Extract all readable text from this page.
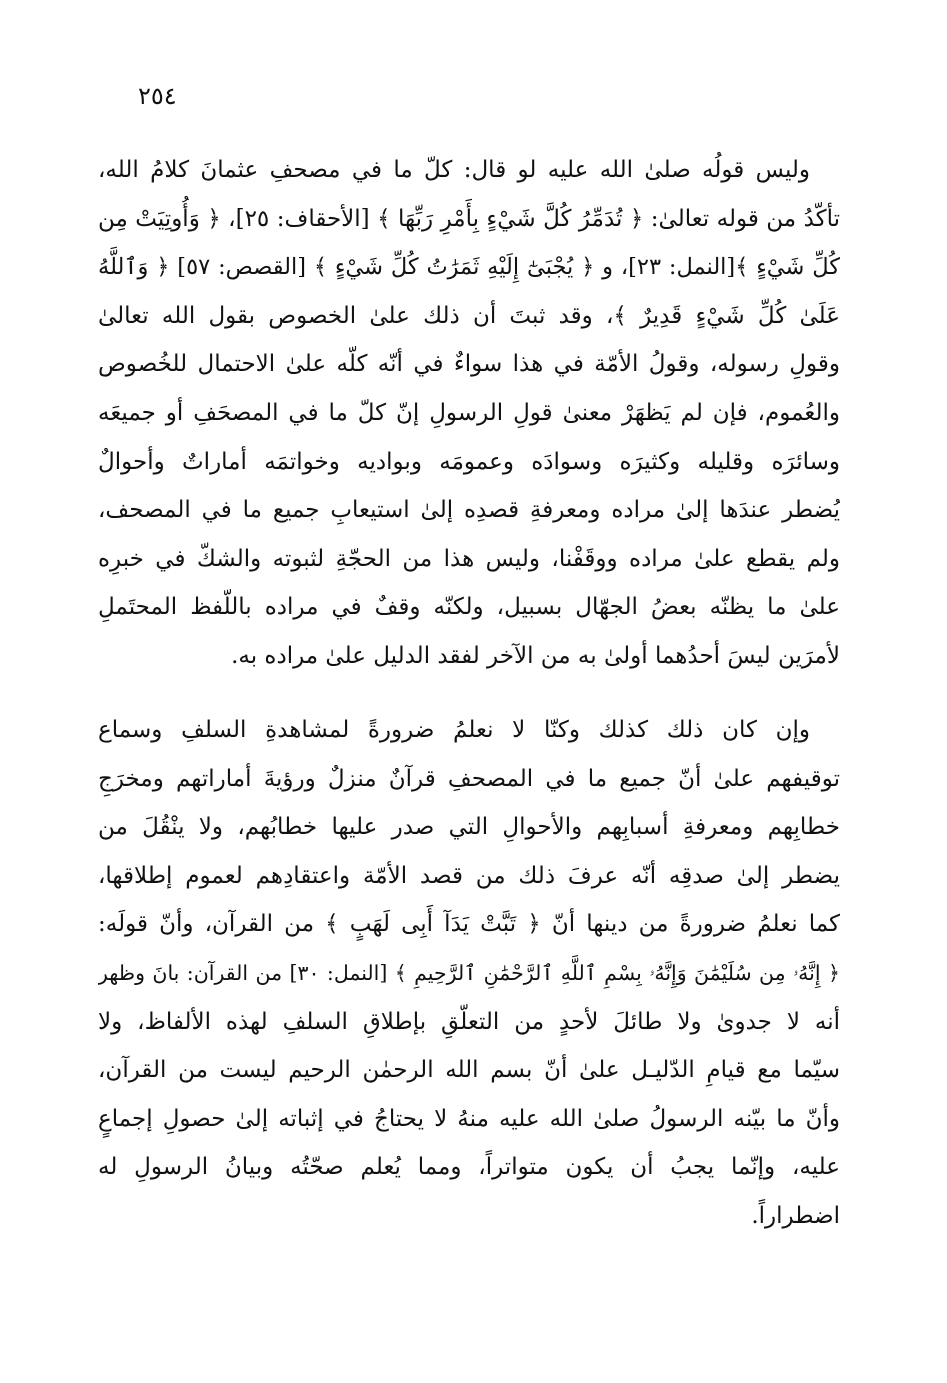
٢٥٤
وليس قولُه صلىٰ الله عليه لو قال: كلّ ما في مصحفِ عثمانَ كلامُ الله،
تأكّدُ من قوله تعالىٰ: ﴿ تُدَمِّرُ كُلَّ شَيْءٍ بِأَمْرِ رَبِّهَا ﴾ [الأحقاف: ٢٥]، ﴿ وَأُوتِيَتْ مِن
كُلِّ شَيْءٍ ﴾[النمل: ٢٣]، و ﴿ يُجْبَىٰٓ إِلَيْهِ ثَمَرَٰتُ كُلِّ شَيْءٍ ﴾ [القصص: ٥٧] ﴿ وَٱللَّهُ
عَلَىٰ كُلِّ شَيْءٍ قَدِيرٌ ﴾، وقد ثبتَ أن ذلك علىٰ الخصوص بقول الله تعالىٰ
وقولِ رسوله، وقولُ الأمّة في هذا سواءٌ في أنّه كلّه علىٰ الاحتمال للخُصوص
والعُموم، فإن لم يَظهَرْ معنىٰ قولِ الرسولِ إنّ كلّ ما في المصحَفِ أو جميعَه
وسائرَه وقليله وكثيرَه وسوادَه وعمومَه وبواديه وخواتمَه أماراتٌ وأحوالٌ
يُضطر عندَها إلىٰ مراده ومعرفةِ قصدِه إلىٰ استيعابِ جميع ما في المصحف،
ولم يقطع علىٰ مراده ووقَفْنا، وليس هذا من الحجّةِ لثبوته والشكّ في خبرِه
علىٰ ما يظنّه بعضُ الجهّال بسبيل، ولكنّه وقفٌ في مراده باللّفظ المحتَملِ
لأمرَين ليسَ أحدُهما أولىٰ به من الآخر لفقد الدليل علىٰ مراده به.
وإن كان ذلك كذلك وكنّا لا نعلمُ ضرورةً لمشاهدةِ السلفِ وسماع
توقيفهم علىٰ أنّ جميع ما في المصحفِ قرآنٌ منزلٌ ورؤيةَ أماراتهم ومخرَجِ
خطابِهم ومعرفةِ أسبابِهم والأحوالِ التي صدر عليها خطابُهم، ولا ينْقُلَ من
يضطر إلىٰ صدقِه أنّه عرفَ ذلك من قصد الأمّة واعتقادِهم لعموم إطلاقها،
كما نعلمُ ضرورةً من دينها أنّ ﴿ تَبَّتْ يَدَآ أَبِى لَهَبٍ ﴾ من القرآن، وأنّ قولَه:
﴿ إِنَّهُۥ مِن سُلَيْمَٰنَ وَإِنَّهُۥ بِسْمِ ٱللَّهِ ٱلرَّحْمَٰنِ ٱلرَّحِيمِ ﴾ [النمل: ٣٠] من القرآن: بانَ وظهر
أنه لا جدوىٰ ولا طائلَ لأحدٍ من التعلّقِ بإطلاقِ السلفِ لهذه الألفاظ، ولا
سيّما مع قيامِ الدّليـل علىٰ أنّ بسم الله الرحمٰن الرحيم ليست من القرآن،
وأنّ ما بيّنه الرسولُ صلىٰ الله عليه منهُ لا يحتاجُ في إثباته إلىٰ حصولِ إجماعٍ
عليه، وإنّما يجبُ أن يكون متواتراً، ومما يُعلم صحّتُه وبيانُ الرسولِ له
اضطراراً.
